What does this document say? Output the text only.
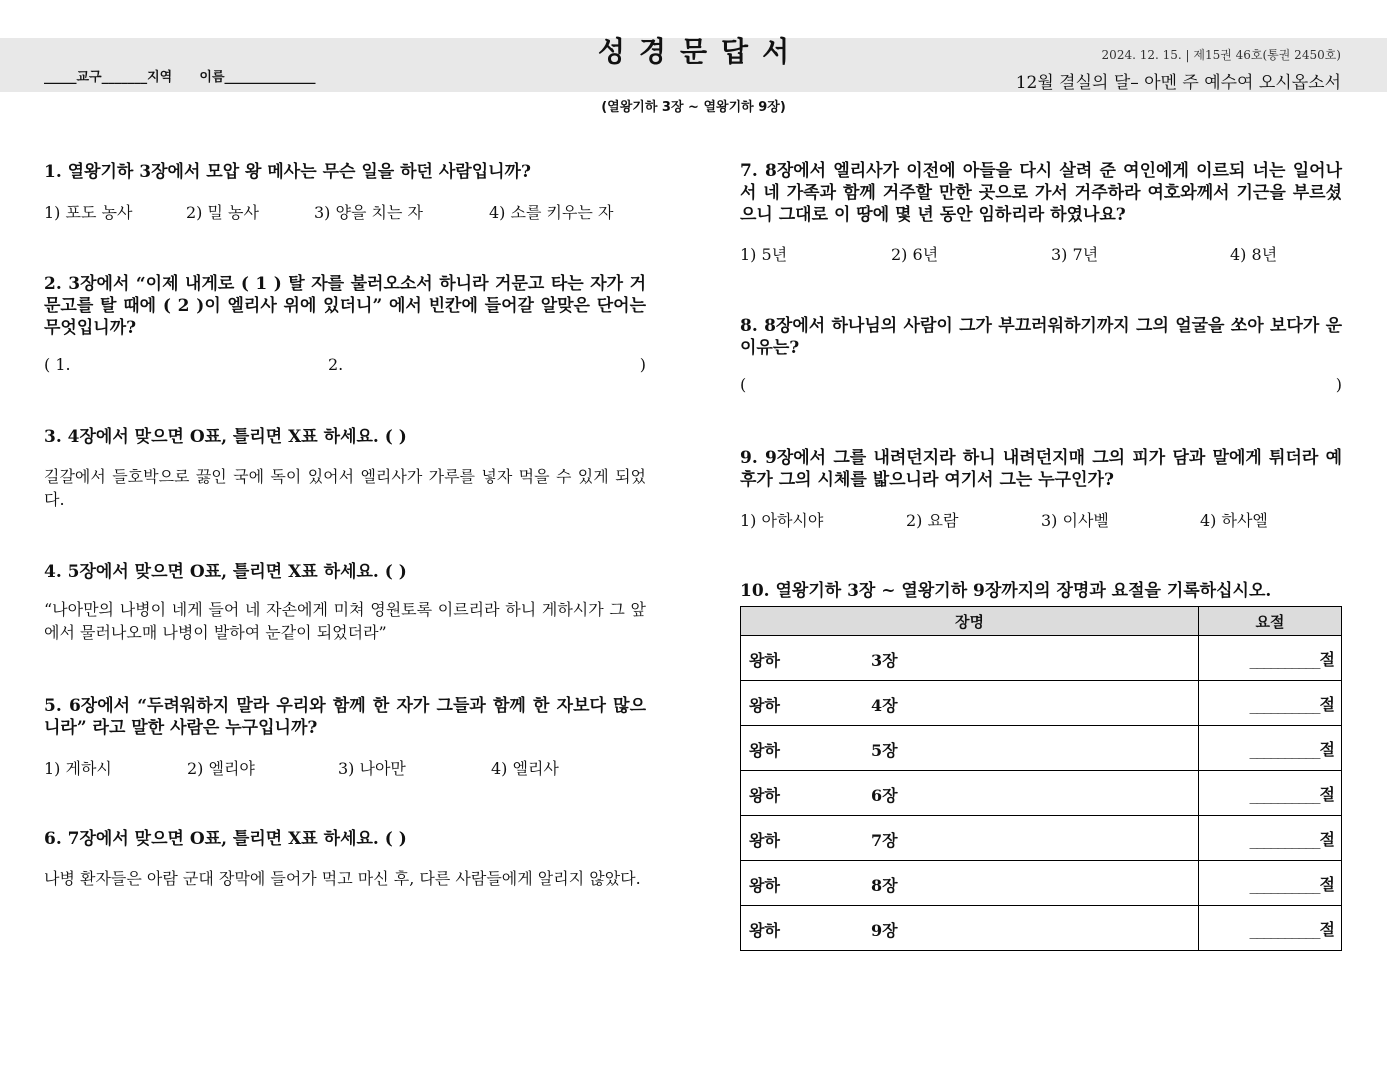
성경문답서
_____교구_______지역      이름______________
2024. 12. 15. | 제15권 46호(통권 2450호)
12월 결실의 달– 아멘 주 예수여 오시옵소서
(열왕기하 3장 ~ 열왕기하 9장)
1. 열왕기하 3장에서 모압 왕 메사는 무슨 일을 하던 사람입니까?
1) 포도 농사	2) 밀 농사	3) 양을 치는 자	4) 소를 키우는 자
2. 3장에서 “이제 내게로 ( 1 ) 탈 자를 불러오소서 하니라 거문고 타는 자가 거문고를 탈 때에 ( 2 )이 엘리사 위에 있더니” 에서 빈칸에 들어갈 알맞은 단어는 무엇입니까?
( 1.	2.	)
3. 4장에서 맞으면 O표, 틀리면 X표 하세요. ( )
길갈에서 들호박으로 끓인 국에 독이 있어서 엘리사가 가루를 넣자 먹을 수 있게 되었다.
4. 5장에서 맞으면 O표, 틀리면 X표 하세요. ( )
“나아만의 나병이 네게 들어 네 자손에게 미쳐 영원토록 이르리라 하니 게하시가 그 앞에서 물러나오매 나병이 발하여 눈같이 되었더라”
5. 6장에서 “두려워하지 말라 우리와 함께 한 자가 그들과 함께 한 자보다 많으니라” 라고 말한 사람은 누구입니까?
1) 게하시	2) 엘리야	3) 나아만	4) 엘리사
6. 7장에서 맞으면 O표, 틀리면 X표 하세요. ( )
나병 환자들은 아람 군대 장막에 들어가 먹고 마신 후, 다른 사람들에게 알리지 않았다.
7. 8장에서 엘리사가 이전에 아들을 다시 살려 준 여인에게 이르되 너는 일어나서 네 가족과 함께 거주할 만한 곳으로 가서 거주하라 여호와께서 기근을 부르셨으니 그대로 이 땅에 몇 년 동안 임하리라 하였나요?
1) 5년	2) 6년	3) 7년	4) 8년
8. 8장에서 하나님의 사람이 그가 부끄러워하기까지 그의 얼굴을 쏘아 보다가 운 이유는?
(	)
9. 9장에서 그를 내려던지라 하니 내려던지매 그의 피가 담과 말에게 튀더라 예후가 그의 시체를 밟으니라 여기서 그는 누구인가?
1) 아하시야	2) 요람	3) 이사벨	4) 하사엘
10. 열왕기하 3장 ~ 열왕기하 9장까지의 장명과 요절을 기록하십시오.
장명	요절

왕하 3장	__________절

왕하 4장	__________절

왕하 5장	__________절

왕하 6장	__________절

왕하 7장	__________절

왕하 8장	__________절

왕하 9장	__________절
